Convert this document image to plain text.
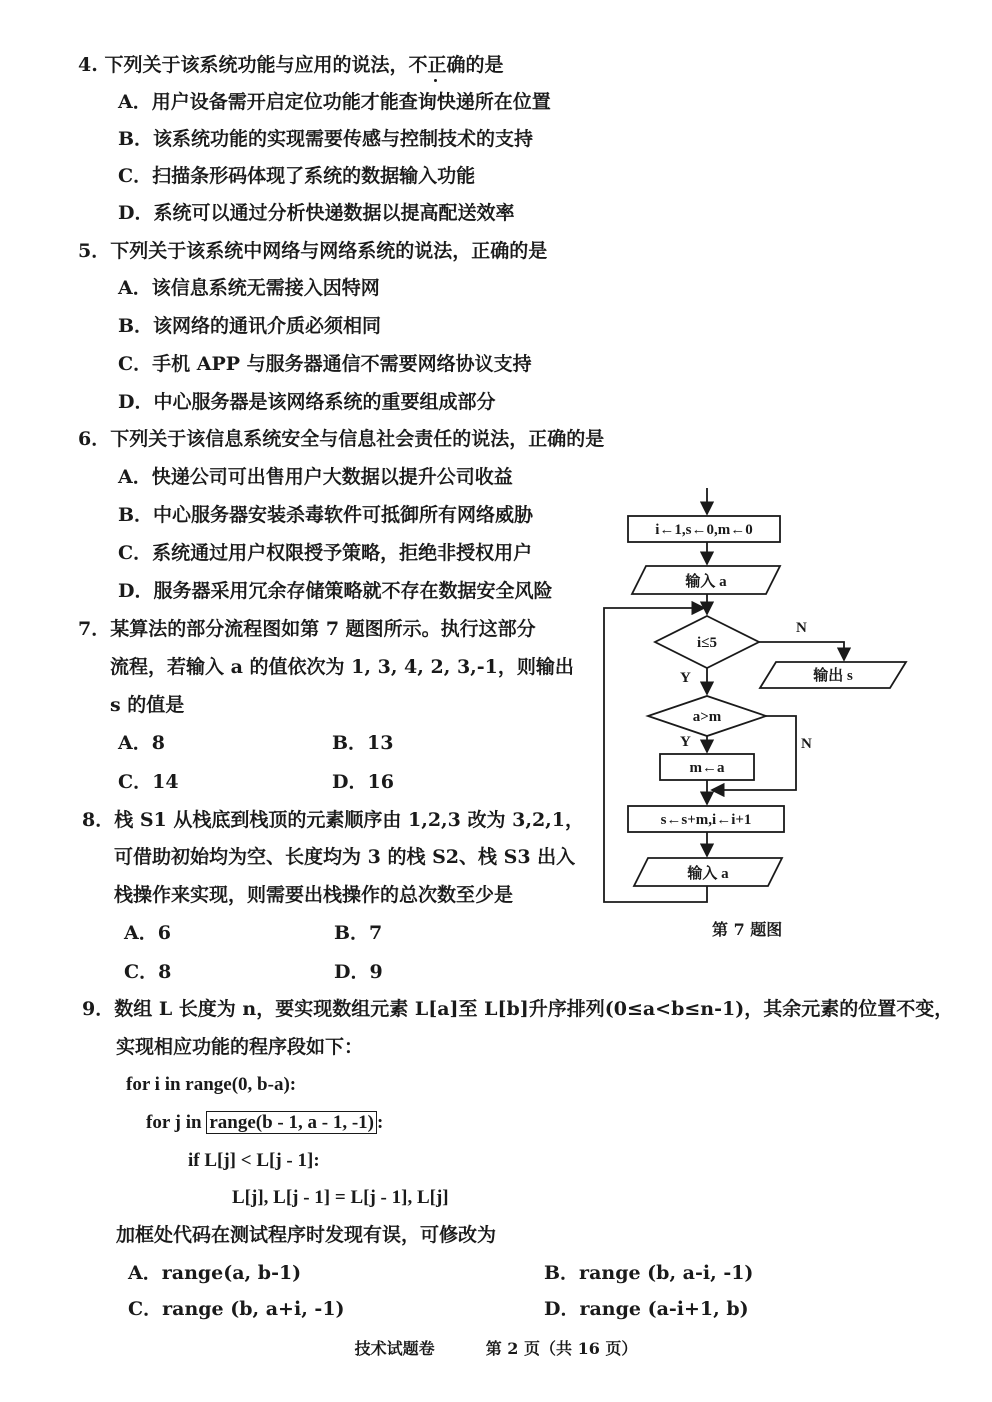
4. 下列关于该系统功能与应用的说法，不正确的是
A．用户设备需开启定位功能才能查询快递所在位置
B．该系统功能的实现需要传感与控制技术的支持
C．扫描条形码体现了系统的数据输入功能
D．系统可以通过分析快递数据以提高配送效率
5．下列关于该系统中网络与网络系统的说法，正确的是
A．该信息系统无需接入因特网
B．该网络的通讯介质必须相同
C．手机 APP 与服务器通信不需要网络协议支持
D．中心服务器是该网络系统的重要组成部分
6．下列关于该信息系统安全与信息社会责任的说法，正确的是
A．快递公司可出售用户大数据以提升公司收益
B．中心服务器安装杀毒软件可抵御所有网络威胁
C．系统通过用户权限授予策略，拒绝非授权用户
D．服务器采用冗余存储策略就不存在数据安全风险
7．某算法的部分流程图如第 7 题图所示。执行这部分
流程，若输入 a 的值依次为 1, 3, 4, 2, 3,-1，则输出
s 的值是
A．8	B．13
C．14	D．16
8．栈 S1 从栈底到栈顶的元素顺序由 1,2,3 改为 3,2,1，
可借助初始均为空、长度均为 3 的栈 S2、栈 S3 出入
栈操作来实现，则需要出栈操作的总次数至少是
A．6	B．7
C．8	D．9
i←1,s←0,m←0
输入 a
i≤5
N
输出 s
Y
a>m
Y	N
m←a
s←s+m,i←i+1
输入 a
第 7 题图
9．数组 L 长度为 n，要实现数组元素 L[a]至 L[b]升序排列(0≤a<b≤n-1)，其余元素的位置不变，
实现相应功能的程序段如下：
for i in range(0, b-a):
for j in range(b - 1, a - 1, -1) :
if L[j] < L[j - 1]:
L[j], L[j - 1] = L[j - 1], L[j]
加框处代码在测试程序时发现有误，可修改为
A．range(a, b-1)	B．range (b, a-i, -1)
C．range (b, a+i, -1)	D．range (a-i+1, b)
技术试题卷	第 2 页（共 16 页）
